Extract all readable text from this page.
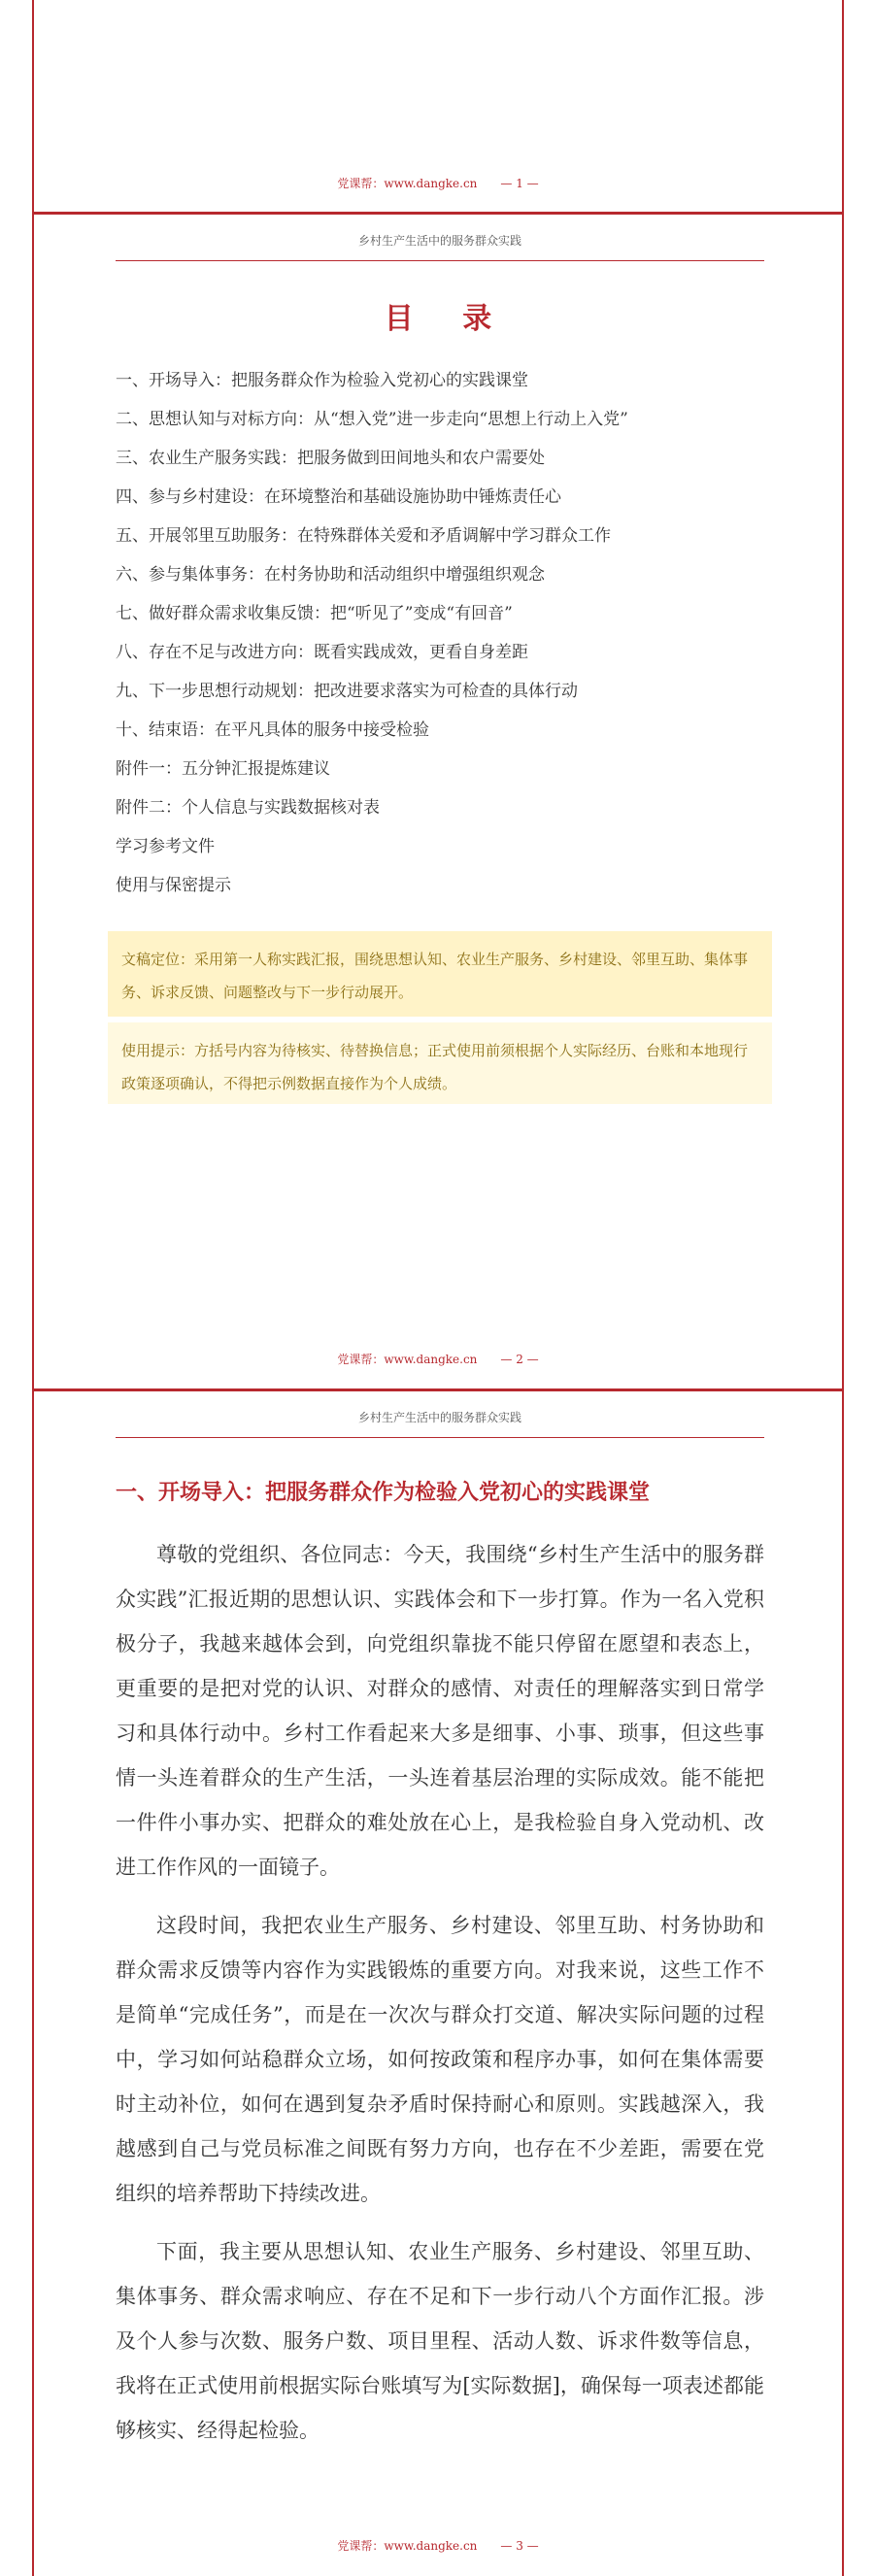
党课帮：www.dangke.cn — 1 —
乡村生产生活中的服务群众实践
目 录
一、开场导入：把服务群众作为检验入党初心的实践课堂
二、思想认知与对标方向：从“想入党”进一步走向“思想上行动上入党”
三、农业生产服务实践：把服务做到田间地头和农户需要处
四、参与乡村建设：在环境整治和基础设施协助中锤炼责任心
五、开展邻里互助服务：在特殊群体关爱和矛盾调解中学习群众工作
六、参与集体事务：在村务协助和活动组织中增强组织观念
七、做好群众需求收集反馈：把“听见了”变成“有回音”
八、存在不足与改进方向：既看实践成效，更看自身差距
九、下一步思想行动规划：把改进要求落实为可检查的具体行动
十、结束语：在平凡具体的服务中接受检验
附件一：五分钟汇报提炼建议
附件二：个人信息与实践数据核对表
学习参考文件
使用与保密提示
文稿定位：采用第一人称实践汇报，围绕思想认知、农业生产服务、乡村建设、邻里互助、集体事务、诉求反馈、问题整改与下一步行动展开。
使用提示：方括号内容为待核实、待替换信息；正式使用前须根据个人实际经历、台账和本地现行政策逐项确认，不得把示例数据直接作为个人成绩。
党课帮：www.dangke.cn — 2 —
乡村生产生活中的服务群众实践
一、开场导入：把服务群众作为检验入党初心的实践课堂

尊敬的党组织、各位同志：今天，我围绕“乡村生产生活中的服务群众实践”汇报近期的思想认识、实践体会和下一步打算。作为一名入党积极分子，我越来越体会到，向党组织靠拢不能只停留在愿望和表态上，更重要的是把对党的认识、对群众的感情、对责任的理解落实到日常学习和具体行动中。乡村工作看起来大多是细事、小事、琐事，但这些事情一头连着群众的生产生活，一头连着基层治理的实际成效。能不能把一件件小事办实、把群众的难处放在心上，是我检验自身入党动机、改进工作作风的一面镜子。

这段时间，我把农业生产服务、乡村建设、邻里互助、村务协助和群众需求反馈等内容作为实践锻炼的重要方向。对我来说，这些工作不是简单“完成任务”，而是在一次次与群众打交道、解决实际问题的过程中，学习如何站稳群众立场，如何按政策和程序办事，如何在集体需要时主动补位，如何在遇到复杂矛盾时保持耐心和原则。实践越深入，我越感到自己与党员标准之间既有努力方向，也存在不少差距，需要在党组织的培养帮助下持续改进。

下面，我主要从思想认知、农业生产服务、乡村建设、邻里互助、集体事务、群众需求响应、存在不足和下一步行动八个方面作汇报。涉及个人参与次数、服务户数、项目里程、活动人数、诉求件数等信息，我将在正式使用前根据实际台账填写为[实际数据]，确保每一项表述都能够核实、经得起检验。

党课帮：www.dangke.cn — 3 —
